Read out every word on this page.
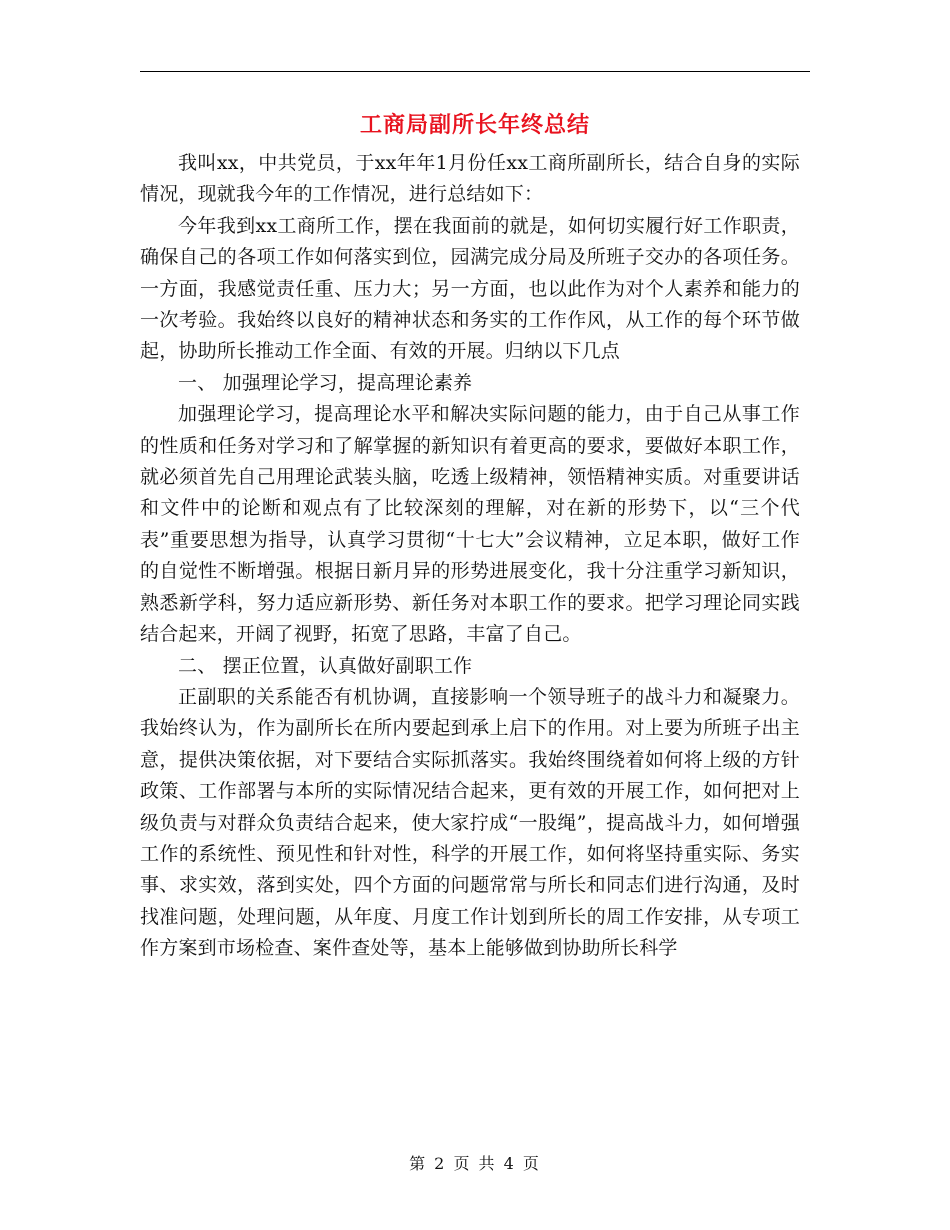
工商局副所长年终总结

我叫xx，中共党员，于xx年年1月份任xx工商所副所长，结合自身的实际情况，现就我今年的工作情况，进行总结如下：

今年我到xx工商所工作，摆在我面前的就是，如何切实履行好工作职责，确保自己的各项工作如何落实到位，园满完成分局及所班子交办的各项任务。一方面，我感觉责任重、压力大；另一方面，也以此作为对个人素养和能力的一次考验。我始终以良好的精神状态和务实的工作作风，从工作的每个环节做起，协助所长推动工作全面、有效的开展。归纳以下几点

一、 加强理论学习，提高理论素养

加强理论学习，提高理论水平和解决实际问题的能力，由于自己从事工作的性质和任务对学习和了解掌握的新知识有着更高的要求，要做好本职工作，就必须首先自己用理论武装头脑，吃透上级精神，领悟精神实质。对重要讲话和文件中的论断和观点有了比较深刻的理解，对在新的形势下，以“三个代表”重要思想为指导，认真学习贯彻“十七大”会议精神，立足本职，做好工作的自觉性不断增强。根据日新月异的形势进展变化，我十分注重学习新知识，熟悉新学科，努力适应新形势、新任务对本职工作的要求。把学习理论同实践结合起来，开阔了视野，拓宽了思路，丰富了自己。

二、 摆正位置，认真做好副职工作

正副职的关系能否有机协调，直接影响一个领导班子的战斗力和凝聚力。我始终认为，作为副所长在所内要起到承上启下的作用。对上要为所班子出主意，提供决策依据，对下要结合实际抓落实。我始终围绕着如何将上级的方针政策、工作部署与本所的实际情况结合起来，更有效的开展工作，如何把对上级负责与对群众负责结合起来，使大家拧成“一股绳”，提高战斗力，如何增强工作的系统性、预见性和针对性，科学的开展工作，如何将坚持重实际、务实事、求实效，落到实处，四个方面的问题常常与所长和同志们进行沟通，及时找准问题，处理问题，从年度、月度工作计划到所长的周工作安排，从专项工作方案到市场检查、案件查处等，基本上能够做到协助所长科学

第 2 页 共 4 页
